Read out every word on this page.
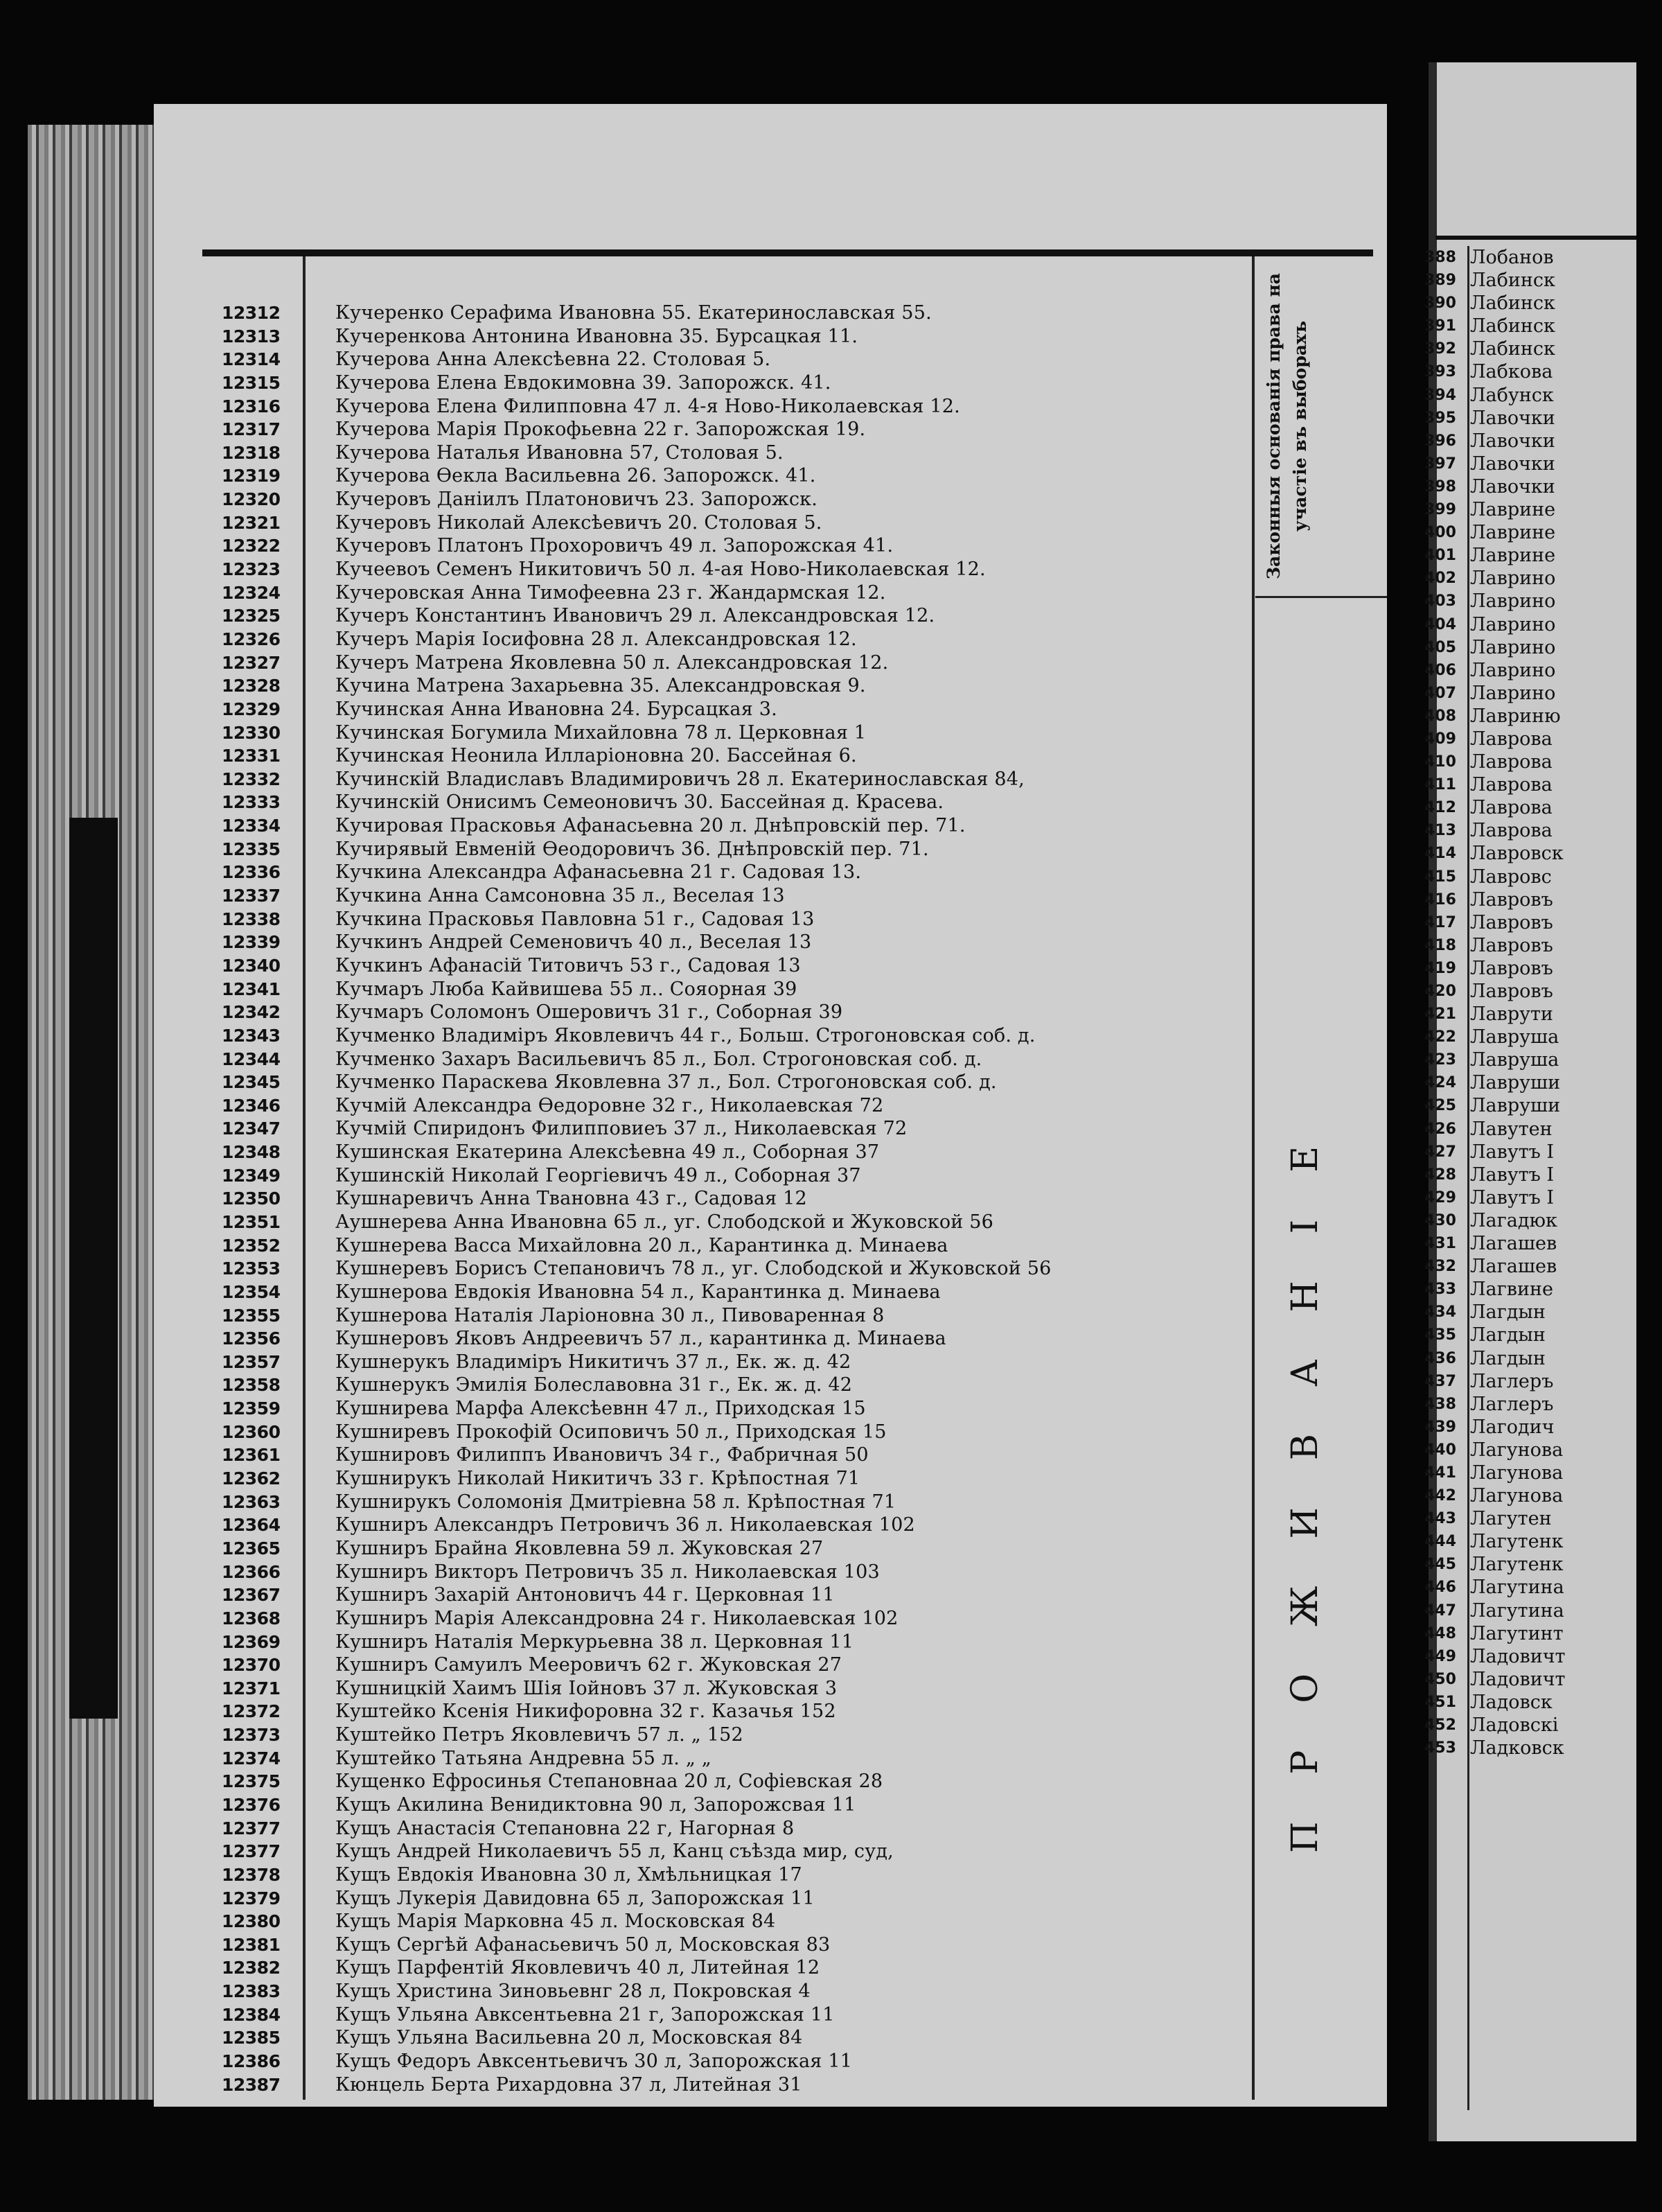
Законныя основанія права на участіе въ выборахъ
ПРОЖИВАНІЕ
12312	Кучеренко Серафима Ивановна 55. Екатеринославская 55.
12313	Кучеренкова Антонина Ивановна 35. Бурсацкая 11.
12314	Кучерова Анна Алексѣевна 22. Столовая 5.
12315	Кучерова Елена Евдокимовна 39. Запорожск. 41.
12316	Кучерова Елена Филипповна 47 л. 4-я Ново-Николаевская 12.
12317	Кучерова Марія Прокофьевна 22 г. Запорожская 19.
12318	Кучерова Наталья Ивановна 57, Столовая 5.
12319	Кучерова Өекла Васильевна 26. Запорожск. 41.
12320	Кучеровъ Даніилъ Платоновичъ 23. Запорожск.
12321	Кучеровъ Николай Алексѣевичъ 20. Столовая 5.
12322	Кучеровъ Платонъ Прохоровичъ 49 л. Запорожская 41.
12323	Кучеевоъ Семенъ Никитовичъ 50 л. 4-ая Ново-Николаевская 12.
12324	Кучеровская Анна Тимофеевна 23 г. Жандармская 12.
12325	Кучеръ Константинъ Ивановичъ 29 л. Александровская 12.
12326	Кучеръ Марія Іосифовна 28 л. Александровская 12.
12327	Кучеръ Матрена Яковлевна 50 л. Александровская 12.
12328	Кучина Матрена Захарьевна 35. Александровская 9.
12329	Кучинская Анна Ивановна 24. Бурсацкая 3.
12330	Кучинская Богумила Михайловна 78 л. Церковная 1
12331	Кучинская Неонила Илларіоновна 20. Бассейная 6.
12332	Кучинскій Владиславъ Владимировичъ 28 л. Екатеринославская 84,
12333	Кучинскій Онисимъ Семеоновичъ 30. Бассейная д. Красева.
12334	Кучировая Прасковья Афанасьевна 20 л. Днѣпровскій пер. 71.
12335	Кучирявый Евменій Өеодоровичъ 36. Днѣпровскій пер. 71.
12336	Кучкина Александра Афанасьевна 21 г. Садовая 13.
12337	Кучкина Анна Самсоновна 35 л., Веселая 13
12338	Кучкина Прасковья Павловна 51 г., Садовая 13
12339	Кучкинъ Андрей Семеновичъ 40 л., Веселая 13
12340	Кучкинъ Афанасій Титовичъ 53 г., Садовая 13
12341	Кучмаръ Люба Кайвишева 55 л.. Сояорная 39
12342	Кучмаръ Соломонъ Ошеровичъ 31 г., Соборная 39
12343	Кучменко Владиміръ Яковлевичъ 44 г., Больш. Строгоновская соб. д.
12344	Кучменко Захаръ Васильевичъ 85 л., Бол. Строгоновская соб. д.
12345	Кучменко Параскева Яковлевна 37 л., Бол. Строгоновская соб. д.
12346	Кучмій Александра Өедоровне 32 г., Николаевская 72
12347	Кучмій Спиридонъ Филипповиеъ 37 л., Николаевская 72
12348	Кушинская Екатерина Алексѣевна 49 л., Соборная 37
12349	Кушинскій Николай Георгіевичъ 49 л., Соборная 37
12350	Кушнаревичъ Анна Твановна 43 г., Садовая 12
12351	Аушнерева Анна Ивановна 65 л., уг. Слободской и Жуковской 56
12352	Кушнерева Васса Михайловна 20 л., Карантинка д. Минаева
12353	Кушнеревъ Борисъ Степановичъ 78 л., уг. Слободской и Жуковской 56
12354	Кушнерова Евдокія Ивановна 54 л., Карантинка д. Минаева
12355	Кушнерова Наталія Ларіоновна 30 л., Пивоваренная 8
12356	Кушнеровъ Яковъ Андреевичъ 57 л., карантинка д. Минаева
12357	Кушнерукъ Владиміръ Никитичъ 37 л., Ек. ж. д. 42
12358	Кушнерукъ Эмилія Болеславовна 31 г., Ек. ж. д. 42
12359	Кушнирева Марфа Алексѣевнн 47 л., Приходская 15
12360	Кушниревъ Прокофій Осиповичъ 50 л., Приходская 15
12361	Кушнировъ Филиппъ Ивановичъ 34 г., Фабричная 50
12362	Кушнирукъ Николай Никитичъ 33 г. Крѣпостная 71
12363	Кушнирукъ Соломонія Дмитріевна 58 л. Крѣпостная 71
12364	Кушниръ Александръ Петровичъ 36 л. Николаевская 102
12365	Кушниръ Брайна Яковлевна 59 л. Жуковская 27
12366	Кушниръ Викторъ Петровичъ 35 л. Николаевская 103
12367	Кушниръ Захарій Антоновичъ 44 г. Церковная 11
12368	Кушниръ Марія Александровна 24 г. Николаевская 102
12369	Кушниръ Наталія Меркурьевна 38 л. Церковная 11
12370	Кушниръ Самуилъ Мееровичъ 62 г. Жуковская 27
12371	Кушницкій Хаимъ Шія Іойновъ 37 л. Жуковская 3
12372	Куштейко Ксенія Никифоровна 32 г. Казачья 152
12373	Куштейко Петръ Яковлевичъ 57 л. „ 152
12374	Куштейко Татьяна Андревна 55 л. „ „
12375	Кущенко Ефросинья Степановнаа 20 л, Софіевская 28
12376	Кущъ Акилина Венидиктовна 90 л, Запорожсвая 11
12377	Кущъ Анастасія Степановна 22 г, Нагорная 8
12377	Кущъ Андрей Николаевичъ 55 л, Канц съѣзда мир, суд,
12378	Кущъ Евдокія Ивановна 30 л, Хмѣльницкая 17
12379	Кущъ Лукерія Давидовна 65 л, Запорожская 11
12380	Кущъ Марія Марковна 45 л. Московская 84
12381	Кущъ Сергѣй Афанасьевичъ 50 л, Московская 83
12382	Кущъ Парфентій Яковлевичъ 40 л, Литейная 12
12383	Кущъ Христина Зиновьевнг 28 л, Покровская 4
12384	Кущъ Ульяна Авксентьевна 21 г, Запорожская 11
12385	Кущъ Ульяна Васильевна 20 л, Московская 84
12386	Кущъ Федоръ Авксентьевичъ 30 л, Запорожская 11
12387	Кюнцель Берта Рихардовна 37 л, Литейная 31
388 Лобанов
389 Лабинск
390 Лабинск
391 Лабинск
392 Лабинск
393 Лабкова
394 Лабунск
395 Лавочки
396 Лавочки
397 Лавочки
398 Лавочки
399 Лавринe
400 Лавринe
401 Лавринe
402 Лаврино
403 Лаврино
404 Лаврино
405 Лаврино
406 Лаврино
407 Лаврино
408 Лавриню
409 Лаврова
410 Лаврова
411 Лаврова
412 Лаврова
413 Лаврова
414 Лавровск
415 Лавровс
416 Лавровъ
417 Лавровъ
418 Лавровъ
419 Лавровъ
420 Лавровъ
421 Лаврути
422 Лавруша
423 Лавруша
424 Лавруши
425 Лавруши
426 Лавутен
427 Лавутъ І
428 Лавутъ І
429 Лавутъ І
430 Лагадюк
431 Лагашев
432 Лагашев
433 Лагвине
434 Лагдын
435 Лагдын
436 Лагдын
437 Лаглеръ
438 Лаглеръ
439 Лагодич
440 Лагунова
441 Лагунова
442 Лагунова
443 Лагутен
444 Лагутенк
445 Лагутенк
446 Лагутина
447 Лагутина
448 Лагутинт
449 Ладовичт
450 Ладовичт
451 Ладовск
452 Ладовскі
453 Ладковск
